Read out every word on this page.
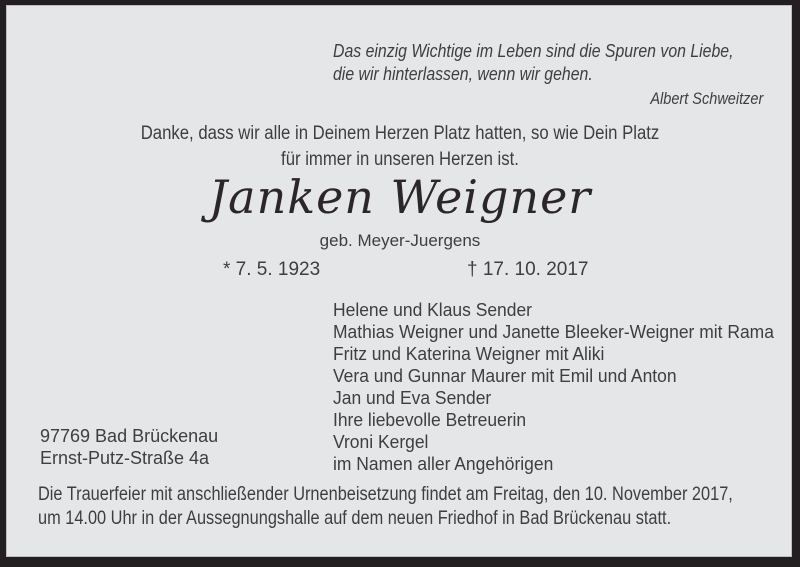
Das einzig Wichtige im Leben sind die Spuren von Liebe,
die wir hinterlassen, wenn wir gehen.
Albert Schweitzer
Danke, dass wir alle in Deinem Herzen Platz hatten, so wie Dein Platz
für immer in unseren Herzen ist.
Janken Weigner
geb. Meyer-Juergens
* 7. 5. 1923	† 17. 10. 2017
Helene und Klaus Sender
Mathias Weigner und Janette Bleeker-Weigner mit Rama
Fritz und Katerina Weigner mit Aliki
Vera und Gunnar Maurer mit Emil und Anton
Jan und Eva Sender
Ihre liebevolle Betreuerin
Vroni Kergel
im Namen aller Angehörigen
97769 Bad Brückenau
Ernst-Putz-Straße 4a
Die Trauerfeier mit anschließender Urnenbeisetzung findet am Freitag, den 10. November 2017,
um 14.00 Uhr in der Aussegnungshalle auf dem neuen Friedhof in Bad Brückenau statt.
